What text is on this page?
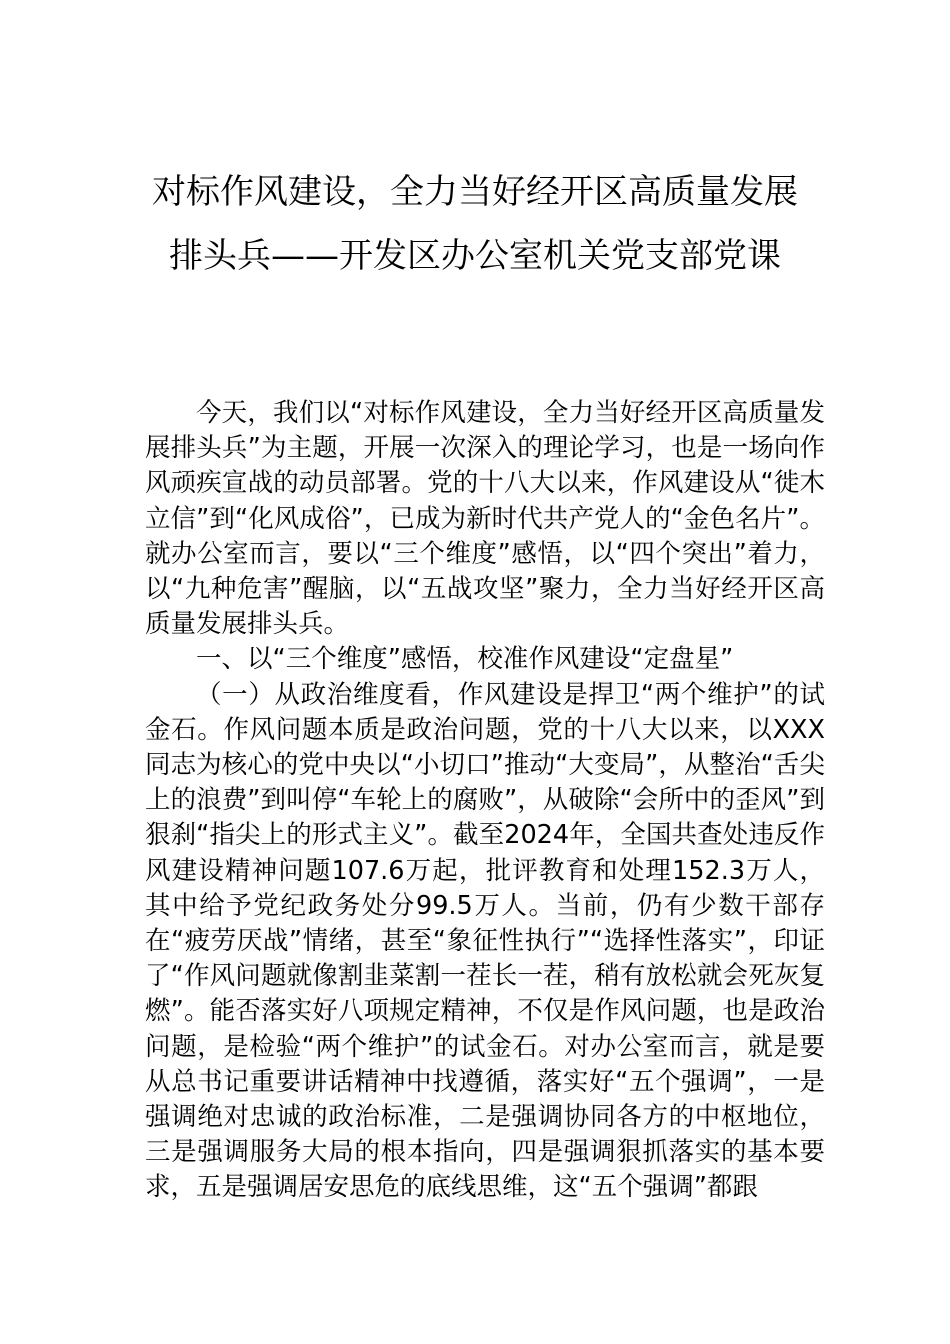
对标作风建设，全力当好经开区高质量发展排头兵——开发区办公室机关党支部党课

今天，我们以“对标作风建设，全力当好经开区高质量发展排头兵”为主题，开展一次深入的理论学习，也是一场向作风顽疾宣战的动员部署。党的十八大以来，作风建设从“徙木立信”到“化风成俗”，已成为新时代共产党人的“金色名片”。就办公室而言，要以“三个维度”感悟，以“四个突出”着力，以“九种危害”醒脑，以“五战攻坚”聚力，全力当好经开区高质量发展排头兵。

一、以“三个维度”感悟，校准作风建设“定盘星”

（一）从政治维度看，作风建设是捍卫“两个维护”的试金石。作风问题本质是政治问题，党的十八大以来，以XXX同志为核心的党中央以“小切口”推动“大变局”，从整治“舌尖上的浪费”到叫停“车轮上的腐败”，从破除“会所中的歪风”到狠刹“指尖上的形式主义”。截至2024年，全国共查处违反作风建设精神问题107.6万起，批评教育和处理152.3万人，其中给予党纪政务处分99.5万人。当前，仍有少数干部存在“疲劳厌战”情绪，甚至“象征性执行”“选择性落实”，印证了“作风问题就像割韭菜割一茬长一茬，稍有放松就会死灰复燃”。能否落实好八项规定精神，不仅是作风问题，也是政治问题，是检验“两个维护”的试金石。对办公室而言，就是要从总书记重要讲话精神中找遵循，落实好“五个强调”，一是强调绝对忠诚的政治标准，二是强调协同各方的中枢地位，三是强调服务大局的根本指向，四是强调狠抓落实的基本要求，五是强调居安思危的底线思维，这“五个强调”都跟
